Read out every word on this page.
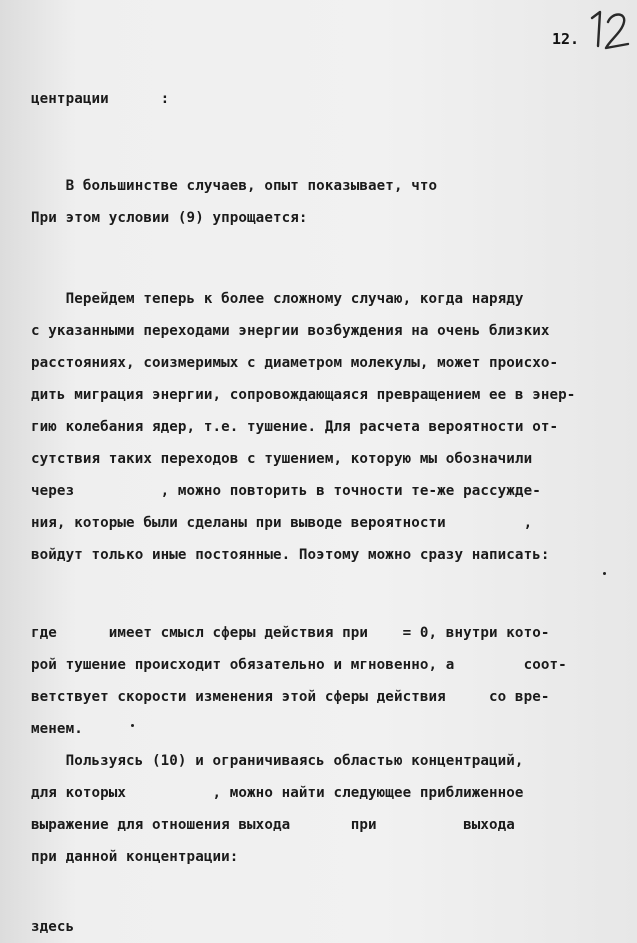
12.
центрации      :
В большинстве случаев, опыт показывает, что
При этом условии (9) упрощается:
Перейдем теперь к более сложному случаю, когда наряду
с указанными переходами энергии возбуждения на очень близких
расстояниях, соизмеримых с диаметром молекулы, может происхо-
дить миграция энергии, сопровождающаяся превращением ее в энер-
гию колебания ядер, т.е. тушение. Для расчета вероятности от-
сутствия таких переходов с тушением, которую мы обозначили
через          , можно повторить в точности те-же рассужде-
ния, которые были сделаны при выводе вероятности         ,
войдут только иные постоянные. Поэтому можно сразу написать:
где      имеет смысл сферы действия при    = 0, внутри кото-
рой тушение происходит обязательно и мгновенно, а        соот-
ветствует скорости изменения этой сферы действия     со вре-
менем.
Пользуясь (10) и ограничиваясь областью концентраций,
для которых          , можно найти следующее приближенное
выражение для отношения выхода       при          выхода
при данной концентрации:
здесь
